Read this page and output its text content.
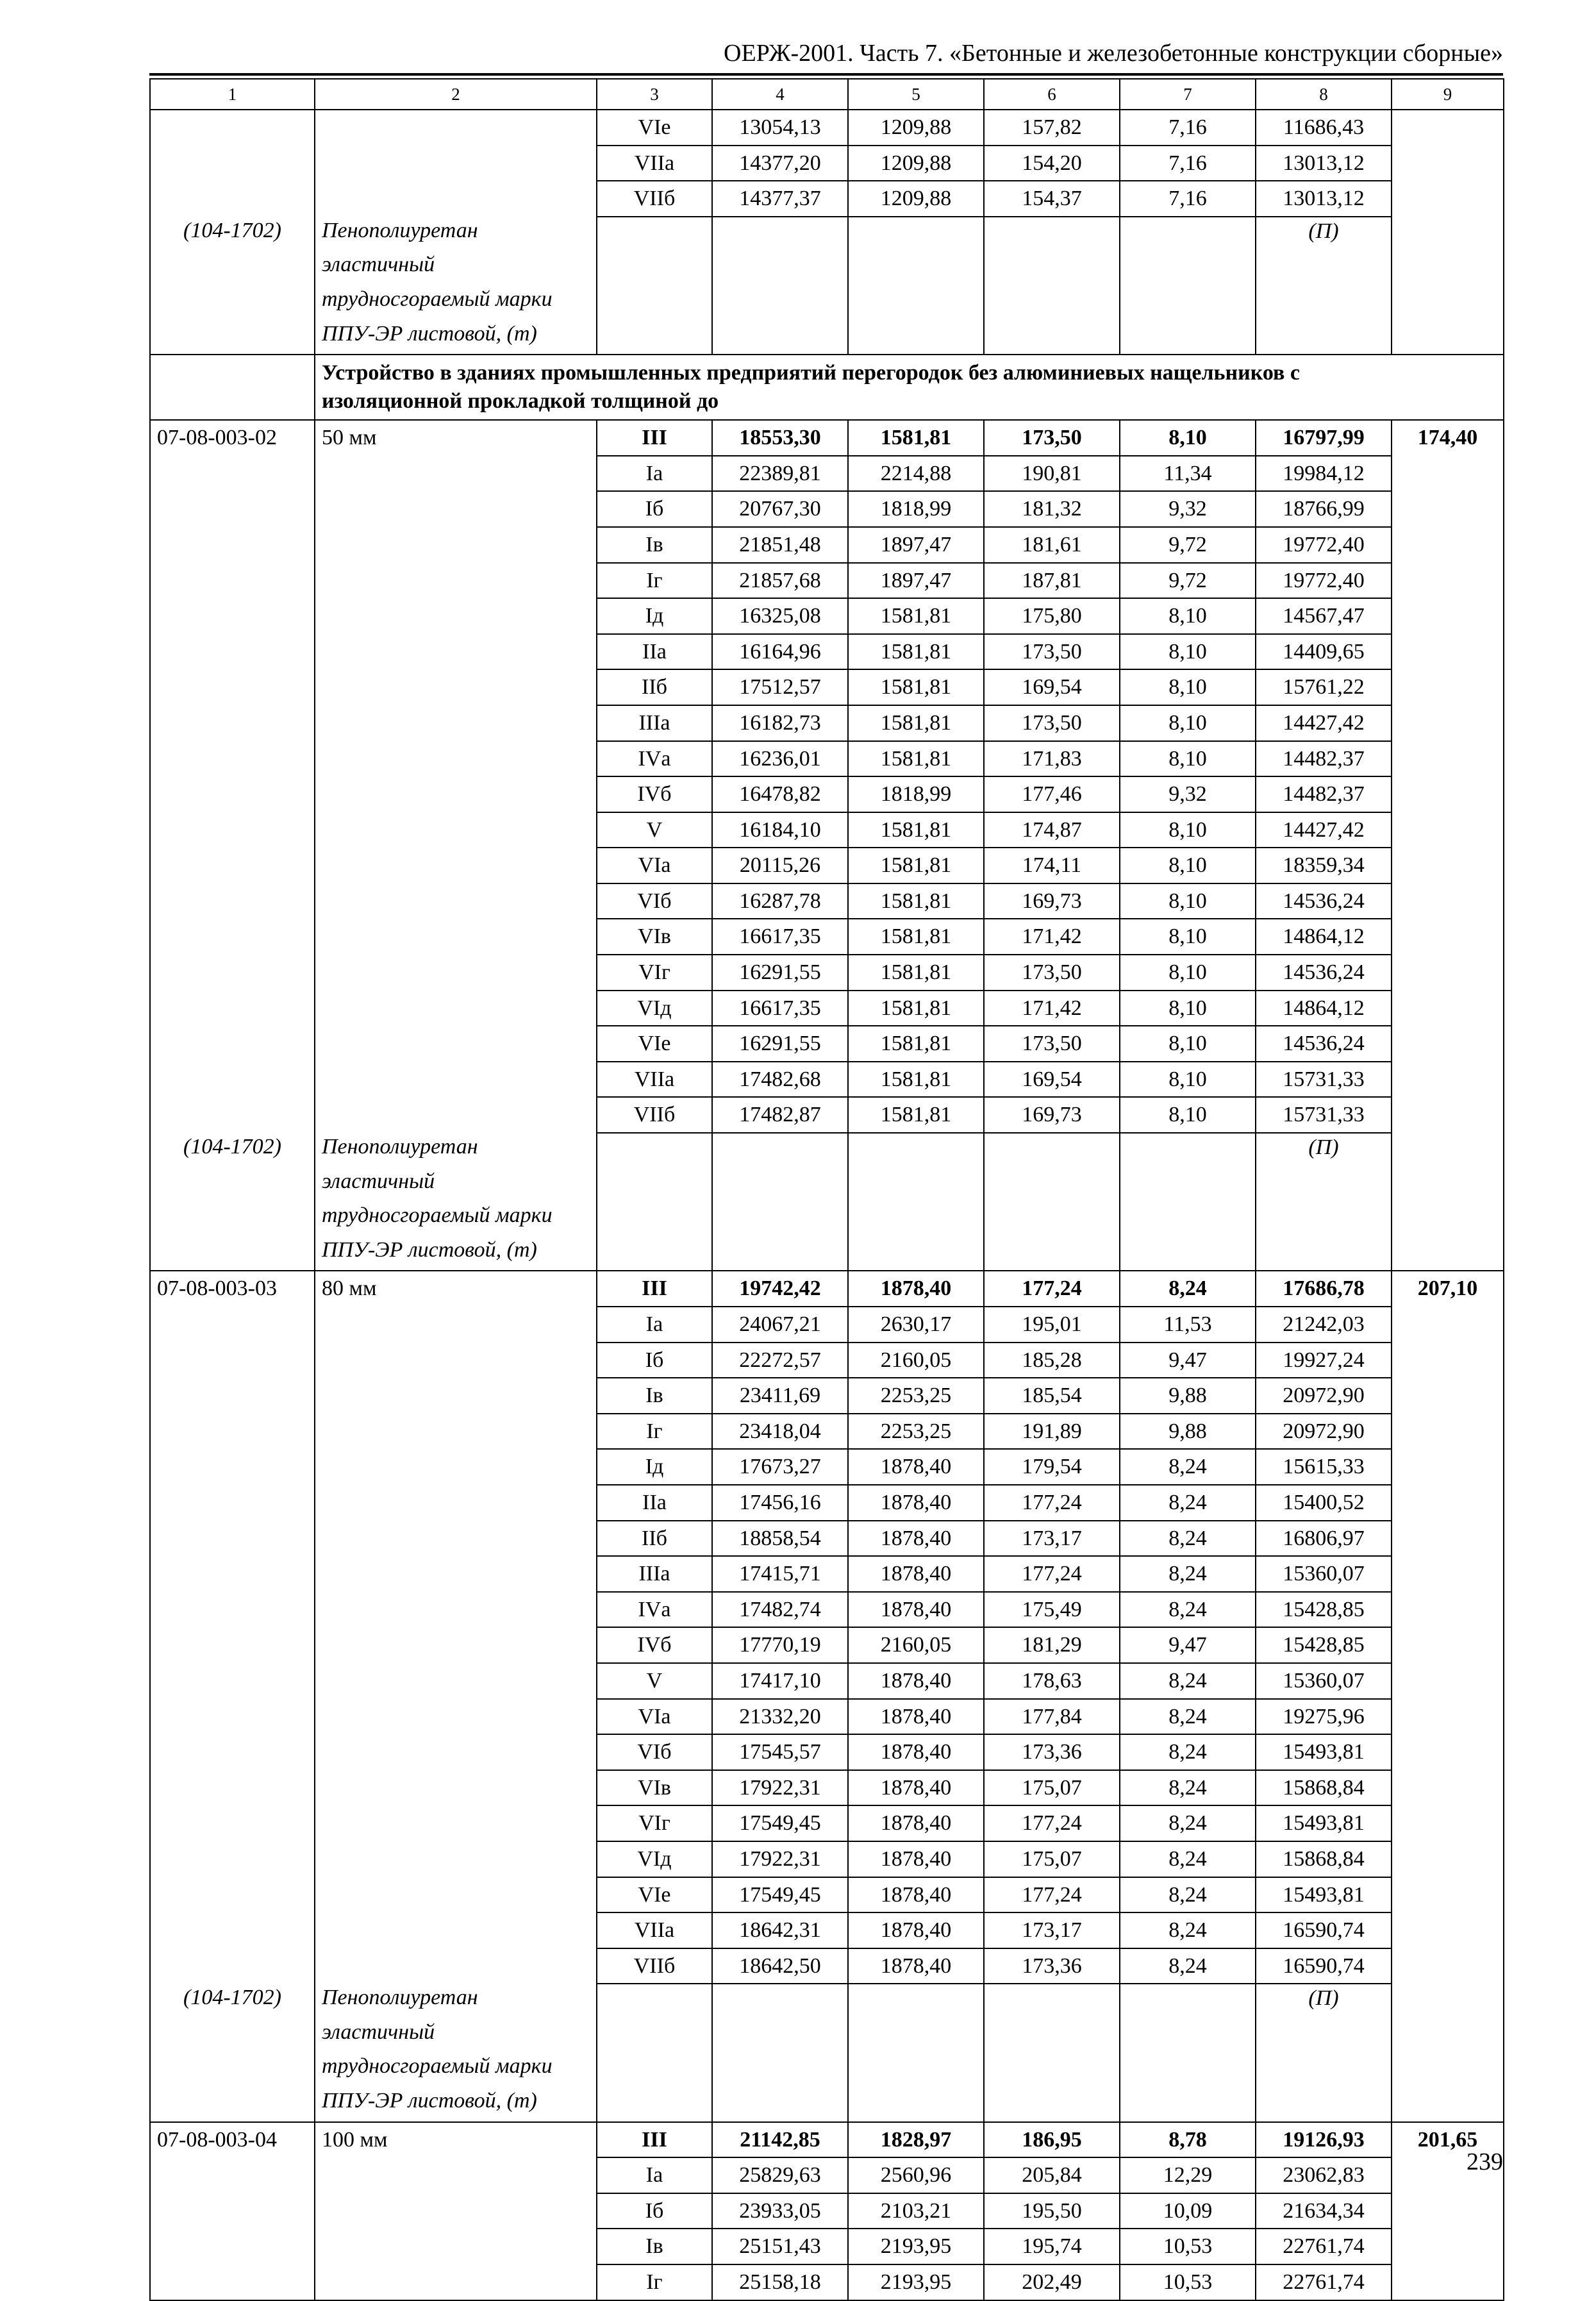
ОЕРЖ-2001. Часть 7. «Бетонные и железобетонные конструкции сборные»
1	2	3	4	5	6	7	8	9
		VIе	13054,13	1209,88	157,82	7,16	11686,43	
		VIIа	14377,20	1209,88	154,20	7,16	13013,12	
		VIIб	14377,37	1209,88	154,37	7,16	13013,12	

(104-1702)	Пенополиуретан						(П)	
	эластичный							
	трудносгораемый марки							
	ППУ-ЭР листовой, (т)							

	Устройство в зданиях промышленных предприятий перегородок без алюминиевых нащельников с
изоляционной прокладкой толщиной до							

07-08-003-02	50 мм	III	18553,30	1581,81	173,50	8,10	16797,99	174,40
		Iа	22389,81	2214,88	190,81	11,34	19984,12	
		Iб	20767,30	1818,99	181,32	9,32	18766,99	
		Iв	21851,48	1897,47	181,61	9,72	19772,40	
		Iг	21857,68	1897,47	187,81	9,72	19772,40	
		Iд	16325,08	1581,81	175,80	8,10	14567,47	
		IIа	16164,96	1581,81	173,50	8,10	14409,65	
		IIб	17512,57	1581,81	169,54	8,10	15761,22	
		IIIа	16182,73	1581,81	173,50	8,10	14427,42	
		IVа	16236,01	1581,81	171,83	8,10	14482,37	
		IVб	16478,82	1818,99	177,46	9,32	14482,37	
		V	16184,10	1581,81	174,87	8,10	14427,42	
		VIа	20115,26	1581,81	174,11	8,10	18359,34	
		VIб	16287,78	1581,81	169,73	8,10	14536,24	
		VIв	16617,35	1581,81	171,42	8,10	14864,12	
		VIг	16291,55	1581,81	173,50	8,10	14536,24	
		VIд	16617,35	1581,81	171,42	8,10	14864,12	
		VIе	16291,55	1581,81	173,50	8,10	14536,24	
		VIIа	17482,68	1581,81	169,54	8,10	15731,33	
		VIIб	17482,87	1581,81	169,73	8,10	15731,33	

(104-1702)	Пенополиуретан						(П)	
	эластичный							
	трудносгораемый марки							
	ППУ-ЭР листовой, (т)							
07-08-003-03	80 мм	III	19742,42	1878,40	177,24	8,24	17686,78	207,10
		Iа	24067,21	2630,17	195,01	11,53	21242,03	
		Iб	22272,57	2160,05	185,28	9,47	19927,24	
		Iв	23411,69	2253,25	185,54	9,88	20972,90	
		Iг	23418,04	2253,25	191,89	9,88	20972,90	
		Iд	17673,27	1878,40	179,54	8,24	15615,33	
		IIа	17456,16	1878,40	177,24	8,24	15400,52	
		IIб	18858,54	1878,40	173,17	8,24	16806,97	
		IIIа	17415,71	1878,40	177,24	8,24	15360,07	
		IVа	17482,74	1878,40	175,49	8,24	15428,85	
		IVб	17770,19	2160,05	181,29	9,47	15428,85	
		V	17417,10	1878,40	178,63	8,24	15360,07	
		VIа	21332,20	1878,40	177,84	8,24	19275,96	
		VIб	17545,57	1878,40	173,36	8,24	15493,81	
		VIв	17922,31	1878,40	175,07	8,24	15868,84	
		VIг	17549,45	1878,40	177,24	8,24	15493,81	
		VIд	17922,31	1878,40	175,07	8,24	15868,84	
		VIе	17549,45	1878,40	177,24	8,24	15493,81	
		VIIа	18642,31	1878,40	173,17	8,24	16590,74	
		VIIб	18642,50	1878,40	173,36	8,24	16590,74	

(104-1702)	Пенополиуретан						(П)	
	эластичный							
	трудносгораемый марки							
	ППУ-ЭР листовой, (т)							
07-08-003-04	100 мм	III	21142,85	1828,97	186,95	8,78	19126,93	201,65
		Iа	25829,63	2560,96	205,84	12,29	23062,83	
		Iб	23933,05	2103,21	195,50	10,09	21634,34	
		Iв	25151,43	2193,95	195,74	10,53	22761,74	
		Iг	25158,18	2193,95	202,49	10,53	22761,74	
239
